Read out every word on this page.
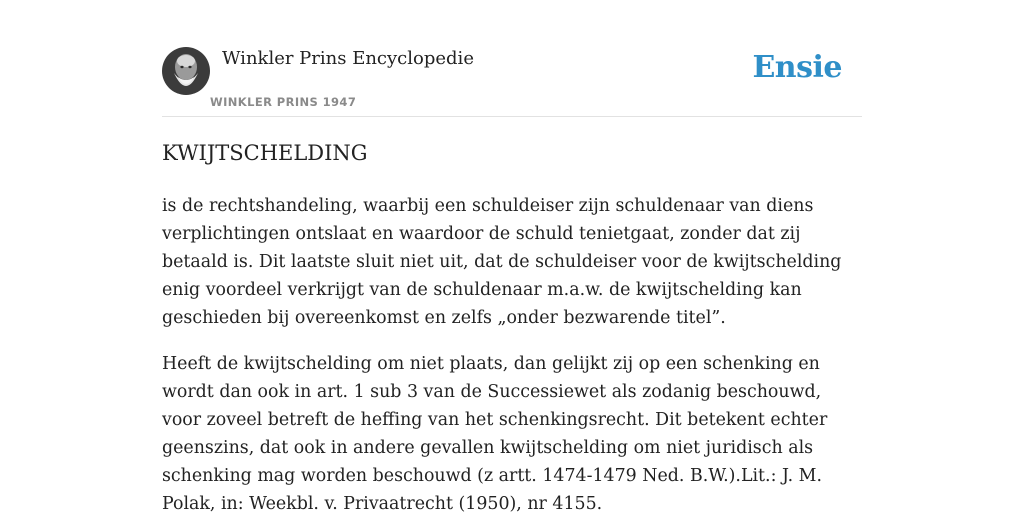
Winkler Prins Encyclopedie
WINKLER PRINS 1947
Ensie
KWIJTSCHELDING

is de rechtshandeling, waarbij een schuldeiser zijn schuldenaar van diens verplichtingen ontslaat en waardoor de schuld tenietgaat, zonder dat zij betaald is. Dit laatste sluit niet uit, dat de schuldeiser voor de kwijtschelding enig voordeel verkrijgt van de schuldenaar m.a.w. de kwijtschelding kan geschieden bij overeenkomst en zelfs „onder bezwarende titel”.

Heeft de kwijtschelding om niet plaats, dan gelijkt zij op een schenking en wordt dan ook in art. 1 sub 3 van de Successiewet als zodanig beschouwd, voor zoveel betreft de heffing van het schenkingsrecht. Dit betekent echter geenszins, dat ook in andere gevallen kwijtschelding om niet juridisch als schenking mag worden beschouwd (z artt. 1474-1479 Ned. B.W.).Lit.: J. M. Polak, in: Weekbl. v. Privaatrecht (1950), nr 4155.
